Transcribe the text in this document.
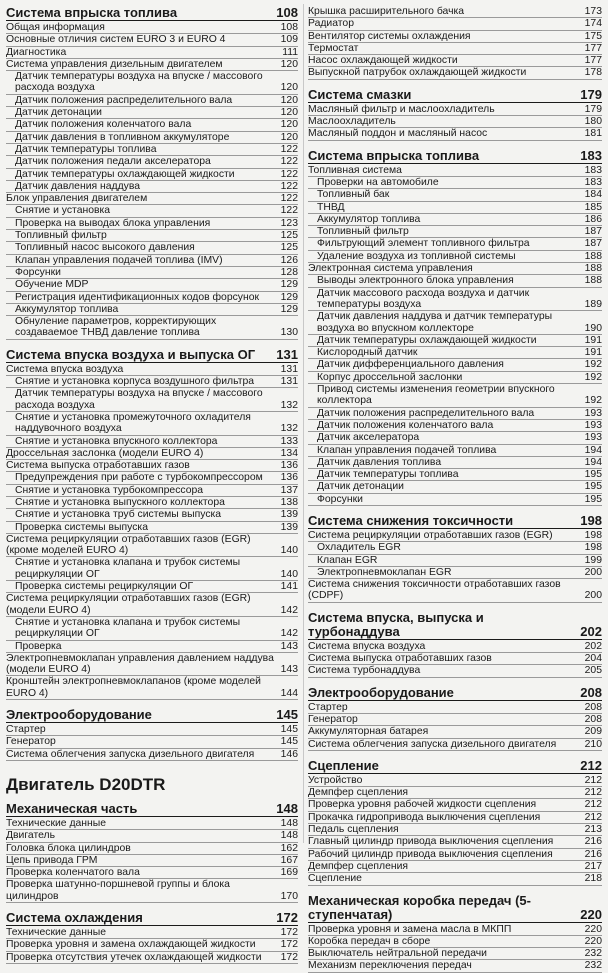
Система впрыска топлива	108
Общая информация	108
Основные отличия систем EURO 3 и EURO 4	109
Диагностика	111
Система управления дизельным двигателем	120
Датчик температуры воздуха на впуске / массового расхода воздуха	120
Датчик положения распределительного вала	120
Датчик детонации	120
Датчик положения коленчатого вала	120
Датчик давления в топливном аккумуляторе	120
Датчик температуры топлива	122
Датчик положения педали акселератора	122
Датчик температуры охлаждающей жидкости	122
Датчик давления наддува	122
Блок управления двигателем	122
Снятие и установка	122
Проверка на выводах блока управления	123
Топливный фильтр	125
Топливный насос высокого давления	125
Клапан управления подачей топлива (IMV)	126
Форсунки	128
Обучение MDP	129
Регистрация идентификационных кодов форсунок	129
Аккумулятор топлива	129
Обнуление параметров, корректирующих создаваемое ТНВД давление топлива	130
Система впуска воздуха и выпуска ОГ	131
Система впуска воздуха	131
Снятие и установка корпуса воздушного фильтра	131
Датчик температуры воздуха на впуске / массового расхода воздуха	132
Снятие и установка промежуточного охладителя наддувочного воздуха	132
Снятие и установка впускного коллектора	133
Дроссельная заслонка (модели EURO 4)	134
Система выпуска отработавших газов	136
Предупреждения при работе с турбокомпрессором	136
Снятие и установка турбокомпрессора	137
Снятие и установка выпускного коллектора	138
Снятие и установка труб системы выпуска	139
Проверка системы выпуска	139
Система рециркуляции отработавших газов (EGR) (кроме моделей EURO 4)	140
Снятие и установка клапана и трубок системы рециркуляции ОГ	140
Проверка системы рециркуляции ОГ	141
Система рециркуляции отработавших газов (EGR) (модели EURO 4)	142
Снятие и установка клапана и трубок системы рециркуляции ОГ	142
Проверка	143
Электропневмоклапан управления давлением наддува (модели EURO 4)	143
Кронштейн электропневмоклапанов (кроме моделей EURO 4)	144
Электрооборудование	145
Стартер	145
Генератор	145
Система облегчения запуска дизельного двигателя	146
Двигатель D20DTR
Механическая часть	148
Технические данные	148
Двигатель	148
Головка блока цилиндров	162
Цепь привода ГРМ	167
Проверка коленчатого вала	169
Проверка шатунно-поршневой группы и блока цилиндров	170
Система охлаждения	172
Технические данные	172
Проверка уровня и замена охлаждающей жидкости	172
Проверка отсутствия утечек охлаждающей жидкости	172
Крышка расширительного бачка	173
Радиатор	174
Вентилятор системы охлаждения	175
Термостат	177
Насос охлаждающей жидкости	177
Выпускной патрубок охлаждающей жидкости	178
Система смазки	179
Масляный фильтр и маслоохладитель	179
Маслоохладитель	180
Масляный поддон и масляный насос	181
Система впрыска топлива	183
Топливная система	183
Проверки на автомобиле	183
Топливный бак	184
ТНВД	185
Аккумулятор топлива	186
Топливный фильтр	187
Фильтрующий элемент топливного фильтра	187
Удаление воздуха из топливной системы	188
Электронная система управления	188
Выводы электронного блока управления	188
Датчик массового расхода воздуха и датчик температуры воздуха	189
Датчик давления наддува и датчик температуры воздуха во впускном коллекторе	190
Датчик температуры охлаждающей жидкости	191
Кислородный датчик	191
Датчик дифференциального давления	192
Корпус дроссельной заслонки	192
Привод системы изменения геометрии впускного коллектора	192
Датчик положения распределительного вала	193
Датчик положения коленчатого вала	193
Датчик акселератора	193
Клапан управления подачей топлива	194
Датчик давления топлива	194
Датчик температуры топлива	195
Датчик детонации	195
Форсунки	195
Система снижения токсичности	198
Система рециркуляции отработавших газов (EGR)	198
Охладитель EGR	198
Клапан EGR	199
Электропневмоклапан EGR	200
Система снижения токсичности отработавших газов (CDPF)	200
Система впуска, выпуска и турбонаддува	202
Система впуска воздуха	202
Система выпуска отработавших газов	204
Система турбонаддува	205
Электрооборудование	208
Стартер	208
Генератор	208
Аккумуляторная батарея	209
Система облегчения запуска дизельного двигателя	210
Сцепление	212
Устройство	212
Демпфер сцепления	212
Проверка уровня рабочей жидкости сцепления	212
Прокачка гидропривода выключения сцепления	212
Педаль сцепления	213
Главный цилиндр привода выключения сцепления	216
Рабочий цилиндр привода выключения сцепления	216
Демпфер сцепления	217
Сцепление	218
Механическая коробка передач (5-ступенчатая)	220
Проверка уровня и замена масла в МКПП	220
Коробка передач в сборе	220
Выключатель нейтральной передачи	232
Механизм переключения передач	232
